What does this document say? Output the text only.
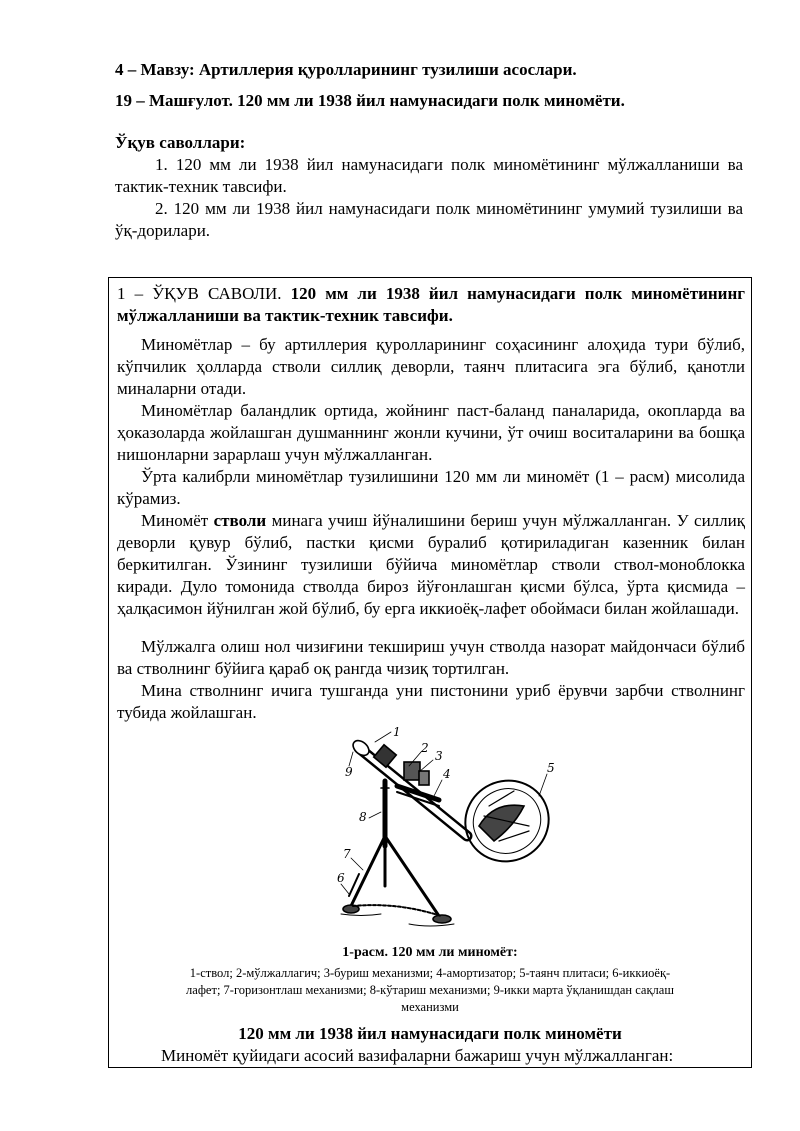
4 – Мавзу: Артиллерия қуролларининг тузилиши асослари.
19 – Машғулот. 120 мм ли 1938 йил намунасидаги полк миномёти.
Ўқув саволлари:
1. 120 мм ли 1938 йил намунасидаги полк миномётининг мўлжалланиши ва тактик-техник тавсифи.
2. 120 мм ли 1938 йил намунасидаги полк миномётининг умумий тузилиши ва ўқ-дорилари.
1 – ЎҚУВ САВОЛИ. 120 мм ли 1938 йил намунасидаги полк миномётининг мўлжалланиши ва тактик-техник тавсифи.
Миномётлар – бу артиллерия қуролларининг соҳасининг алоҳида тури бўлиб, кўпчилик ҳолларда стволи силлиқ деворли, таянч плитасига эга бўлиб, қанотли миналарни отади.
Миномётлар баландлик ортида, жойнинг паст-баланд паналарида, окопларда ва ҳоказоларда жойлашган душманнинг жонли кучини, ўт очиш воситаларини ва бошқа нишонларни зарарлаш учун мўлжалланган.
Ўрта калибрли миномётлар тузилишини 120 мм ли миномёт (1 – расм) мисолида кўрамиз.
Миномёт стволи минага учиш йўналишини бериш учун мўлжалланган. У силлиқ деворли қувур бўлиб, пастки қисми буралиб қотириладиган казенник билан беркитилган. Ўзининг тузилиши бўйича миномётлар стволи ствол-моноблокка киради. Дуло томонида стволда бироз йўғонлашган қисми бўлса, ўрта қисмида – ҳалқасимон йўнилган жой бўлиб, бу ерга иккиоёқ-лафет обоймаси билан жойлашади.
Мўлжалга олиш нол чизиғини текшириш учун стволда назорат майдончаси бўлиб ва стволнинг бўйига қараб оқ рангда чизиқ тортилган.
Мина стволнинг ичига тушганда уни пистонини уриб ёрувчи зарбчи стволнинг тубида жойлашган.
1
2
3
4	5
6
7
8
9
1-расм. 120 мм ли миномёт:
1-ствол; 2-мўлжаллагич; 3-буриш механизми; 4-амортизатор; 5-таянч плитаси; 6-иккиоёқ-
лафет; 7-горизонтлаш механизми; 8-кўтариш механизми; 9-икки марта ўқланишдан сақлаш
механизми
120 мм ли 1938 йил намунасидаги полк миномёти
Миномёт қуйидаги асосий вазифаларни бажариш учун мўлжалланган:
